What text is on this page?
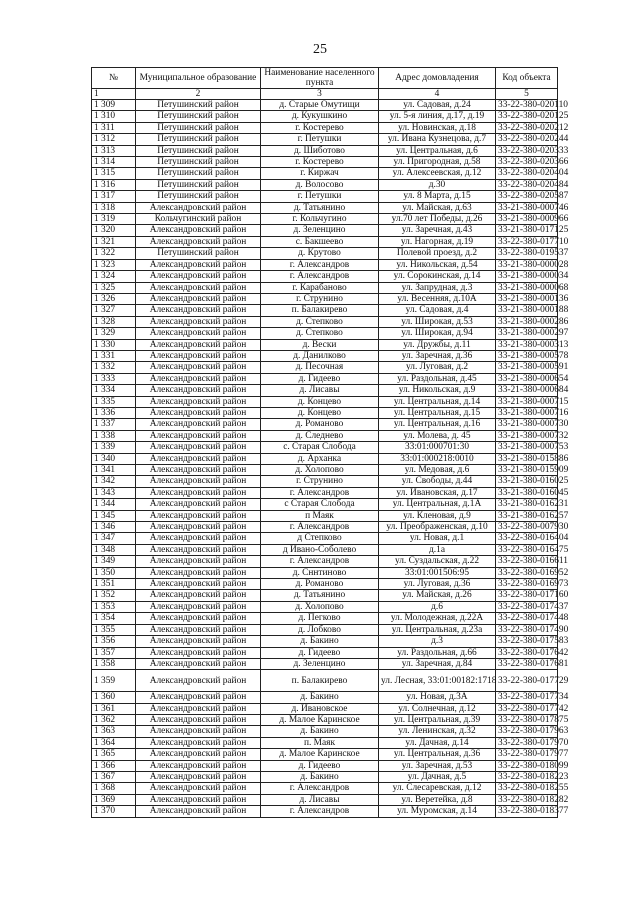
25
№	Муниципальное образование	Наименование населенного пункта	Адрес домовладения	Код объекта
1	2	3	4	5
1 309	Петушинский район	д. Старые Омутищи	ул. Садовая, д.24	33-22-380-020110
1 310	Петушинский район	д. Кукушкино	ул. 5-я линия, д.17, д.19	33-22-380-020125
1 311	Петушинский район	г. Костерево	ул. Новинская, д.18	33-22-380-020212
1 312	Петушинский район	г. Петушки	ул. Ивана Кузнецова, д.7	33-22-380-020244
1 313	Петушинский район	д. Шиботово	ул. Центральная, д.6	33-22-380-020333
1 314	Петушинский район	г. Костерево	ул. Пригородная, д.58	33-22-380-020366
1 315	Петушинский район	г. Киржач	ул. Алексеевская, д.12	33-22-380-020404
1 316	Петушинский район	д. Волосово	д.30	33-22-380-020484
1 317	Петушинский район	г. Петушки	ул. 8 Марта, д.15	33-22-380-020587
1 318	Александровский район	д. Татьянино	ул. Майская, д.63	33-21-380-000746
1 319	Кольчугинский район	г. Кольчугино	ул.70 лет Победы, д.26	33-21-380-000966
1 320	Александровский район	д. Зеленцино	ул. Заречная, д.43	33-21-380-017125
1 321	Александровский район	с. Бакшеево	ул. Нагорная, д.19	33-22-380-017710
1 322	Петушинский район	д. Крутово	Полевой проезд, д.2	33-22-380-019537
1 323	Александровский район	г. Александров	ул. Никольская, д.54	33-21-380-000028
1 324	Александровский район	г. Александров	ул. Сорокинская, д.14	33-21-380-000034
1 325	Александровский район	г. Карабаново	ул. Запрудная, д.3	33-21-380-000068
1 326	Александровский район	г. Струнино	ул. Весенняя, д.10А	33-21-380-000136
1 327	Александровский район	п. Балакирево	ул. Садовая, д.4	33-21-380-000188
1 328	Александровский район	д. Степково	ул. Широкая, д.53	33-21-380-000286
1 329	Александровский район	д. Степково	ул. Широкая, д.94	33-21-380-000297
1 330	Александровский район	д. Вески	ул. Дружбы, д.11	33-21-380-000313
1 331	Александровский район	д. Данилково	ул. Заречная, д.36	33-21-380-000578
1 332	Александровский район	д. Песочная	ул. Луговая, д.2	33-21-380-000591
1 333	Александровский район	д. Гидеево	ул. Раздольная, д.45	33-21-380-000654
1 334	Александровский район	д. Лисавы	ул. Никольская, д.9	33-21-380-000684
1 335	Александровский район	д. Концево	ул. Центральная, д.14	33-21-380-000715
1 336	Александровский район	д. Концево	ул. Центральная, д.15	33-21-380-000716
1 337	Александровский район	д. Романово	ул. Центральная, д.16	33-21-380-000730
1 338	Александровский район	д. Следнево	ул. Молева, д. 45	33-21-380-000732
1 339	Александровский район	с. Старая Слобода	33:01:000701:30	33-21-380-000753
1 340	Александровский район	д. Арханка	33:01:000218:0010	33-21-380-015886
1 341	Александровский район	д. Холопово	ул. Медовая, д.6	33-21-380-015909
1 342	Александровский район	г. Струнино	ул. Свободы, д.44	33-21-380-016025
1 343	Александровский район	г. Александров	ул. Ивановская, д.17	33-21-380-016045
1 344	Александровский район	с Старая Слобода	ул. Центральная, д.1А	33-21-380-016231
1 345	Александровский район	п Маяк	ул. Кленовая, д.9	33-21-380-016257
1 346	Александровский район	г. Александров	ул. Преображенская, д.10	33-22-380-007930
1 347	Александровский район	д Степково	ул. Новая, д.1	33-22-380-016404
1 348	Александровский район	д Ивано-Соболево	д.1а	33-22-380-016475
1 349	Александровский район	г. Александров	ул. Суздальская, д.22	33-22-380-016611
1 350	Александровский район	д. Сннтиново	33:01:001506:95	33-22-380-016952
1 351	Александровский район	д. Романово	ул. Луговая, д.36	33-22-380-016973
1 352	Александровский район	д. Татьянино	ул. Майская, д.26	33-22-380-017160
1 353	Александровский район	д. Холопово	д.6	33-22-380-017437
1 354	Александровский район	д. Пегково	ул. Молодежная, д.22А	33-22-380-017448
1 355	Александровский район	д. Лобково	ул. Центральная, д.23а	33-22-380-017490
1 356	Александровский район	д. Бакино	д.3	33-22-380-017583
1 357	Александровский район	д. Гидеево	ул. Раздольная, д.66	33-22-380-017642
1 358	Александровский район	д. Зеленцино	ул. Заречная, д.84	33-22-380-017681
1 359	Александровский район	п. Балакирево	ул. Лесная, 33:01:00182:1718	33-22-380-017729
1 360	Александровский район	д. Бакино	ул. Новая, д.3А	33-22-380-017734
1 361	Александровский район	д. Ивановское	ул. Солнечная, д.12	33-22-380-017742
1 362	Александровский район	д. Малое Каринское	ул. Центральная, д.39	33-22-380-017875
1 363	Александровский район	д. Бакино	ул. Ленинская, д.32	33-22-380-017963
1 364	Александровский район	п. Маяк	ул. Дачная, д.14	33-22-380-017970
1 365	Александровский район	д. Малое Каринское	ул. Центральная, д.36	33-22-380-017977
1 366	Александровский район	д. Гидеево	ул. Заречная, д.53	33-22-380-018099
1 367	Александровский район	д. Бакино	ул. Дачная, д.5	33-22-380-018223
1 368	Александровский район	г. Александров	ул. Слесаревская, д.12	33-22-380-018255
1 369	Александровский район	д. Лисавы	ул. Веретейка, д.8	33-22-380-018282
1 370	Александровский район	г. Александров	ул. Муромская, д.14	33-22-380-018377
